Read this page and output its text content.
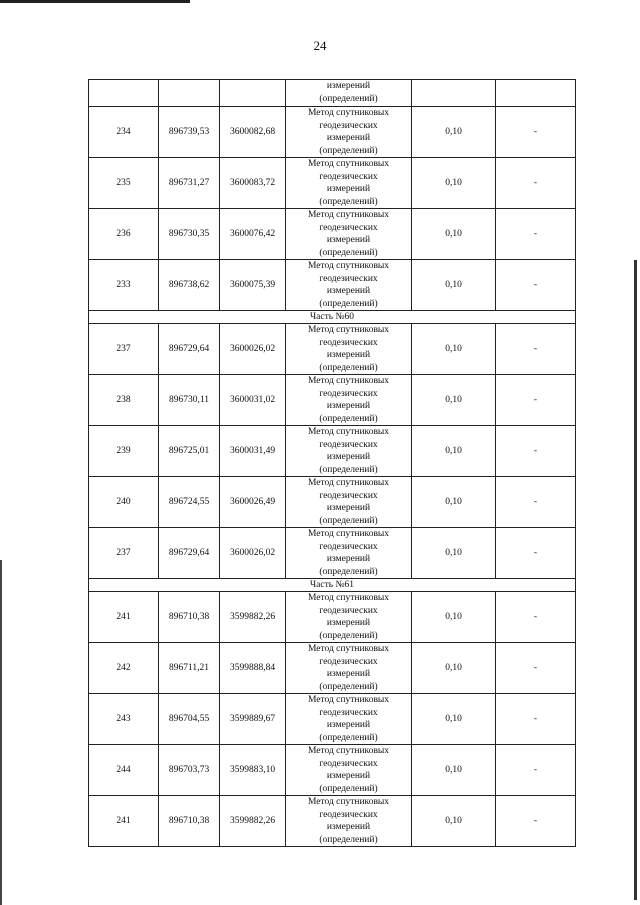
24

			измерений
(определений)		

234	896739,53	3600082,68	Метод спутниковых
геодезических
измерений
(определений)	0,10	-
235	896731,27	3600083,72	Метод спутниковых
геодезических
измерений
(определений)	0,10	-
236	896730,35	3600076,42	Метод спутниковых
геодезических
измерений
(определений)	0,10	-
233	896738,62	3600075,39	Метод спутниковых
геодезических
измерений
(определений)	0,10	-
Часть №60					
237	896729,64	3600026,02	Метод спутниковых
геодезических
измерений
(определений)	0,10	-
238	896730,11	3600031,02	Метод спутниковых
геодезических
измерений
(определений)	0,10	-
239	896725,01	3600031,49	Метод спутниковых
геодезических
измерений
(определений)	0,10	-
240	896724,55	3600026,49	Метод спутниковых
геодезических
измерений
(определений)	0,10	-
237	896729,64	3600026,02	Метод спутниковых
геодезических
измерений
(определений)	0,10	-
Часть №61					
241	896710,38	3599882,26	Метод спутниковых
геодезических
измерений
(определений)	0,10	-
242	896711,21	3599888,84	Метод спутниковых
геодезических
измерений
(определений)	0,10	-
243	896704,55	3599889,67	Метод спутниковых
геодезических
измерений
(определений)	0,10	-
244	896703,73	3599883,10	Метод спутниковых
геодезических
измерений
(определений)	0,10	-
241	896710,38	3599882,26	Метод спутниковых
геодезических
измерений
(определений)	0,10	-
